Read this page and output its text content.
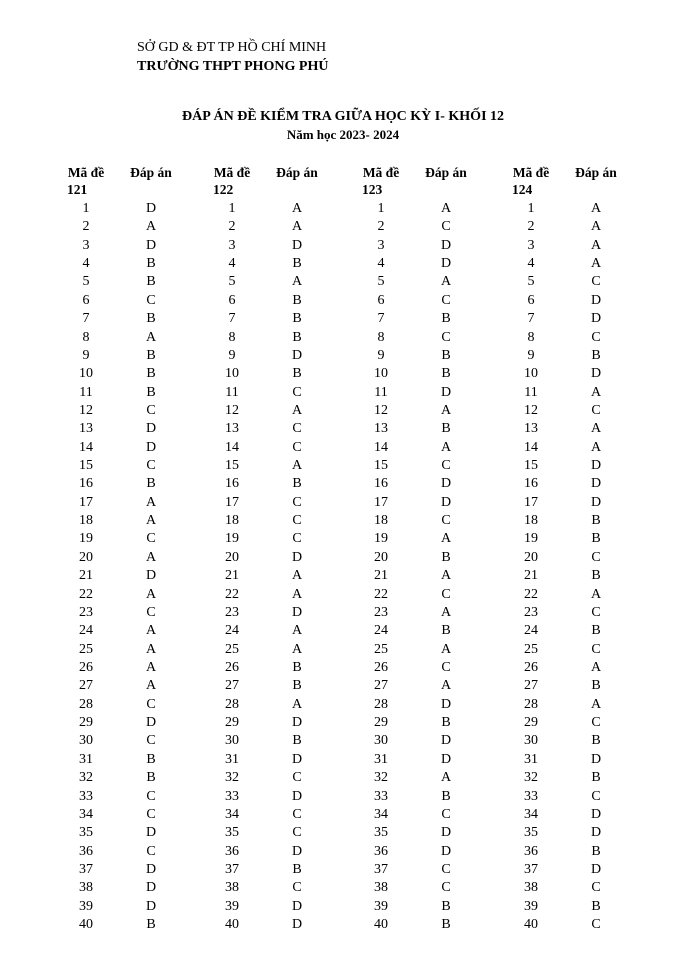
SỞ GD & ĐT TP HỒ CHÍ MINH
TRƯỜNG THPT PHONG PHÚ
ĐÁP ÁN ĐỀ KIỂM TRA GIỮA HỌC KỲ I- KHỐI 12
Năm học 2023- 2024
Mã đề
121
Đáp án
1	D
2	A
3	D
4	B
5	B
6	C
7	B
8	A
9	B
10	B
11	B
12	C
13	D
14	D
15	C
16	B
17	A
18	A
19	C
20	A
21	D
22	A
23	C
24	A
25	A
26	A
27	A
28	C
29	D
30	C
31	B
32	B
33	C
34	C
35	D
36	C
37	D
38	D
39	D
40	B
Mã đề
122
Đáp án
1	A
2	A
3	D
4	B
5	A
6	B
7	B
8	B
9	D
10	B
11	C
12	A
13	C
14	C
15	A
16	B
17	C
18	C
19	C
20	D
21	A
22	A
23	D
24	A
25	A
26	B
27	B
28	A
29	D
30	B
31	D
32	C
33	D
34	C
35	C
36	D
37	B
38	C
39	D
40	D
Mã đề
123
Đáp án
1	A
2	C
3	D
4	D
5	A
6	C
7	B
8	C
9	B
10	B
11	D
12	A
13	B
14	A
15	C
16	D
17	D
18	C
19	A
20	B
21	A
22	C
23	A
24	B
25	A
26	C
27	A
28	D
29	B
30	D
31	D
32	A
33	B
34	C
35	D
36	D
37	C
38	C
39	B
40	B
Mã đề
124
Đáp án
1	A
2	A
3	A
4	A
5	C
6	D
7	D
8	C
9	B
10	D
11	A
12	C
13	A
14	A
15	D
16	D
17	D
18	B
19	B
20	C
21	B
22	A
23	C
24	B
25	C
26	A
27	B
28	A
29	C
30	B
31	D
32	B
33	C
34	D
35	D
36	B
37	D
38	C
39	B
40	C
